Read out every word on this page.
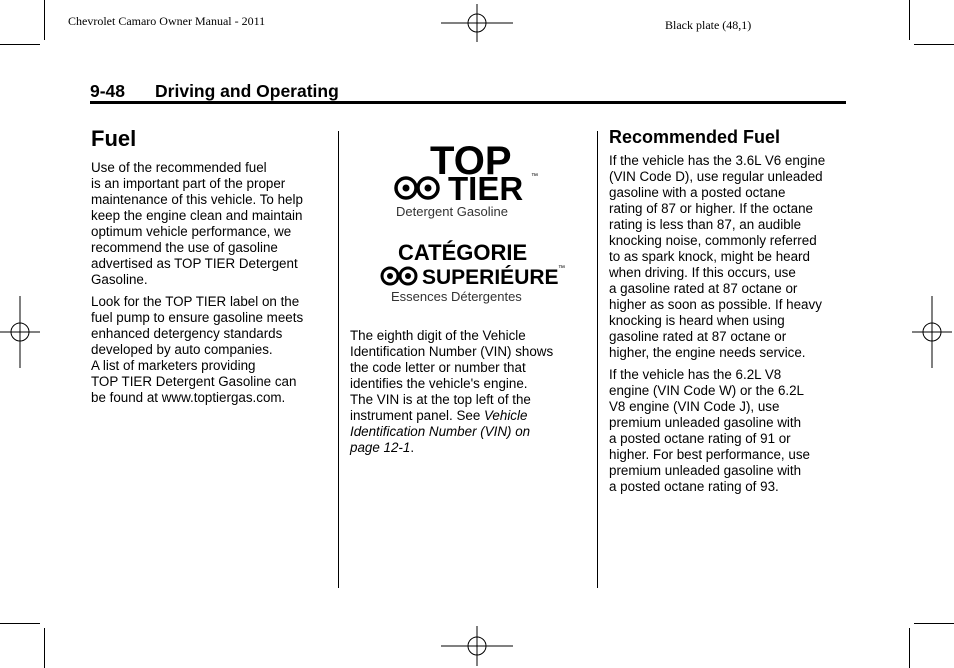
Chevrolet Camaro Owner Manual - 2011	Black plate (48,1)
9-48 Driving and Operating
Fuel

Use of the recommended fuel
is an important part of the proper
maintenance of this vehicle. To help
keep the engine clean and maintain
optimum vehicle performance, we
recommend the use of gasoline
advertised as TOP TIER Detergent
Gasoline.

Look for the TOP TIER label on the
fuel pump to ensure gasoline meets
enhanced detergency standards
developed by auto companies.
A list of marketers providing
TOP TIER Detergent Gasoline can
be found at www.toptiergas.com.

TOP
TIER ™
Detergent Gasoline
CATÉGORIE
SUPERIÉURE ™
Essences Détergentes

The eighth digit of the Vehicle
Identification Number (VIN) shows
the code letter or number that
identifies the vehicle's engine.
The VIN is at the top left of the
instrument panel. See Vehicle
Identification Number (VIN) on
page 12-1.

Recommended Fuel

If the vehicle has the 3.6L V6 engine
(VIN Code D), use regular unleaded
gasoline with a posted octane
rating of 87 or higher. If the octane
rating is less than 87, an audible
knocking noise, commonly referred
to as spark knock, might be heard
when driving. If this occurs, use
a gasoline rated at 87 octane or
higher as soon as possible. If heavy
knocking is heard when using
gasoline rated at 87 octane or
higher, the engine needs service.

If the vehicle has the 6.2L V8
engine (VIN Code W) or the 6.2L
V8 engine (VIN Code J), use
premium unleaded gasoline with
a posted octane rating of 91 or
higher. For best performance, use
premium unleaded gasoline with
a posted octane rating of 93.
